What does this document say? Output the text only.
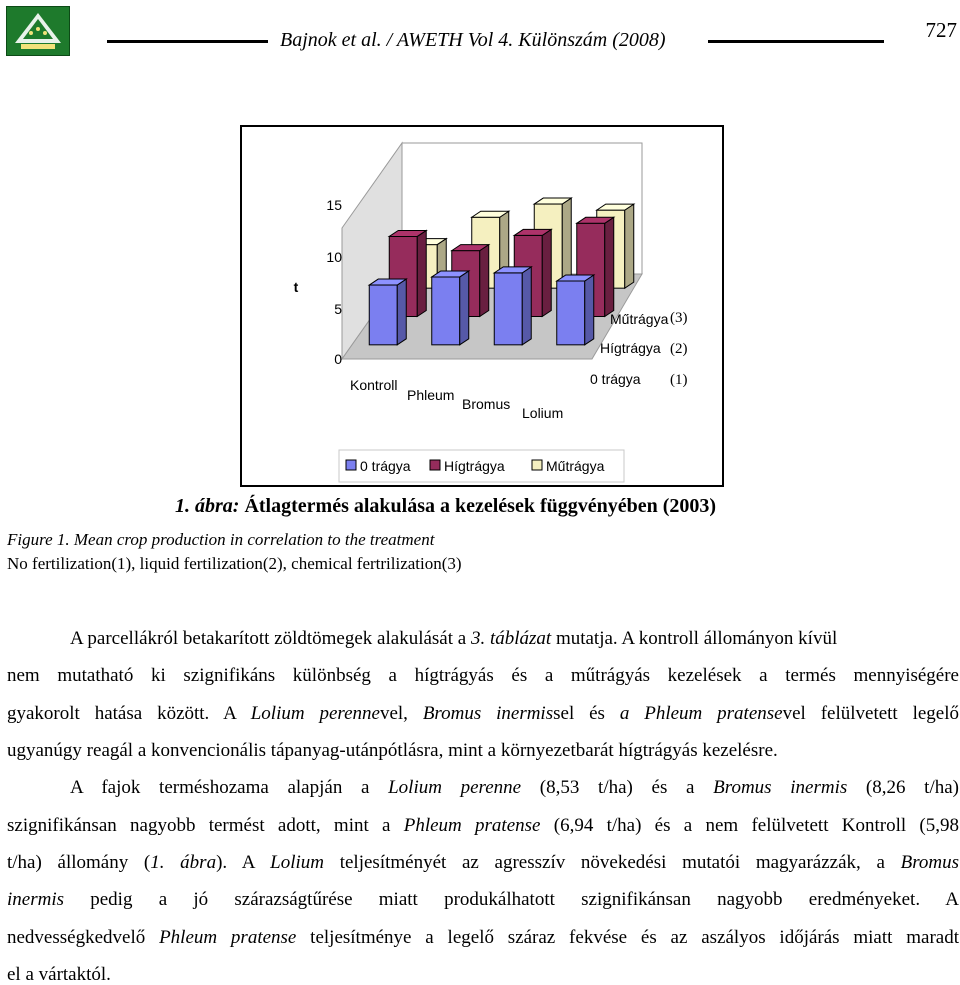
Bajnok et al. / AWETH Vol 4. Különszám (2008)	727
0
5
10
15
t
Kontroll
Phleum
Bromus
Lolium
0 trágya (1)
Hígtrágya (2)
Műtrágya (3)
0 trágya Hígtrágya	Műtrágya
1. ábra: Átlagtermés alakulása a kezelések függvényében (2003)
Figure 1. Mean crop production in correlation to the treatment
No fertilization(1), liquid fertilization(2), chemical fertrilization(3)
A parcellákról betakarított zöldtömegek alakulását a 3. táblázat mutatja. A kontroll állományon kívül
nem mutatható ki szignifikáns különbség a hígtrágyás és a műtrágyás kezelések a termés mennyiségére
gyakorolt hatása között. A Lolium perennevel, Bromus inermissel és a Phleum pratensevel felülvetett legelő
ugyanúgy reagál a konvencionális tápanyag-utánpótlásra, mint a környezetbarát hígtrágyás kezelésre.
A fajok terméshozama alapján a Lolium perenne (8,53 t/ha) és a Bromus inermis (8,26 t/ha)
szignifikánsan nagyobb termést adott, mint a Phleum pratense (6,94 t/ha) és a nem felülvetett Kontroll (5,98
t/ha) állomány (1. ábra). A Lolium teljesítményét az agresszív növekedési mutatói magyarázzák, a Bromus
inermis pedig a jó szárazságtűrése miatt produkálhatott szignifikánsan nagyobb eredményeket. A
nedvességkedvelő Phleum pratense teljesítménye a legelő száraz fekvése és az aszályos időjárás miatt maradt
el a vártaktól.
